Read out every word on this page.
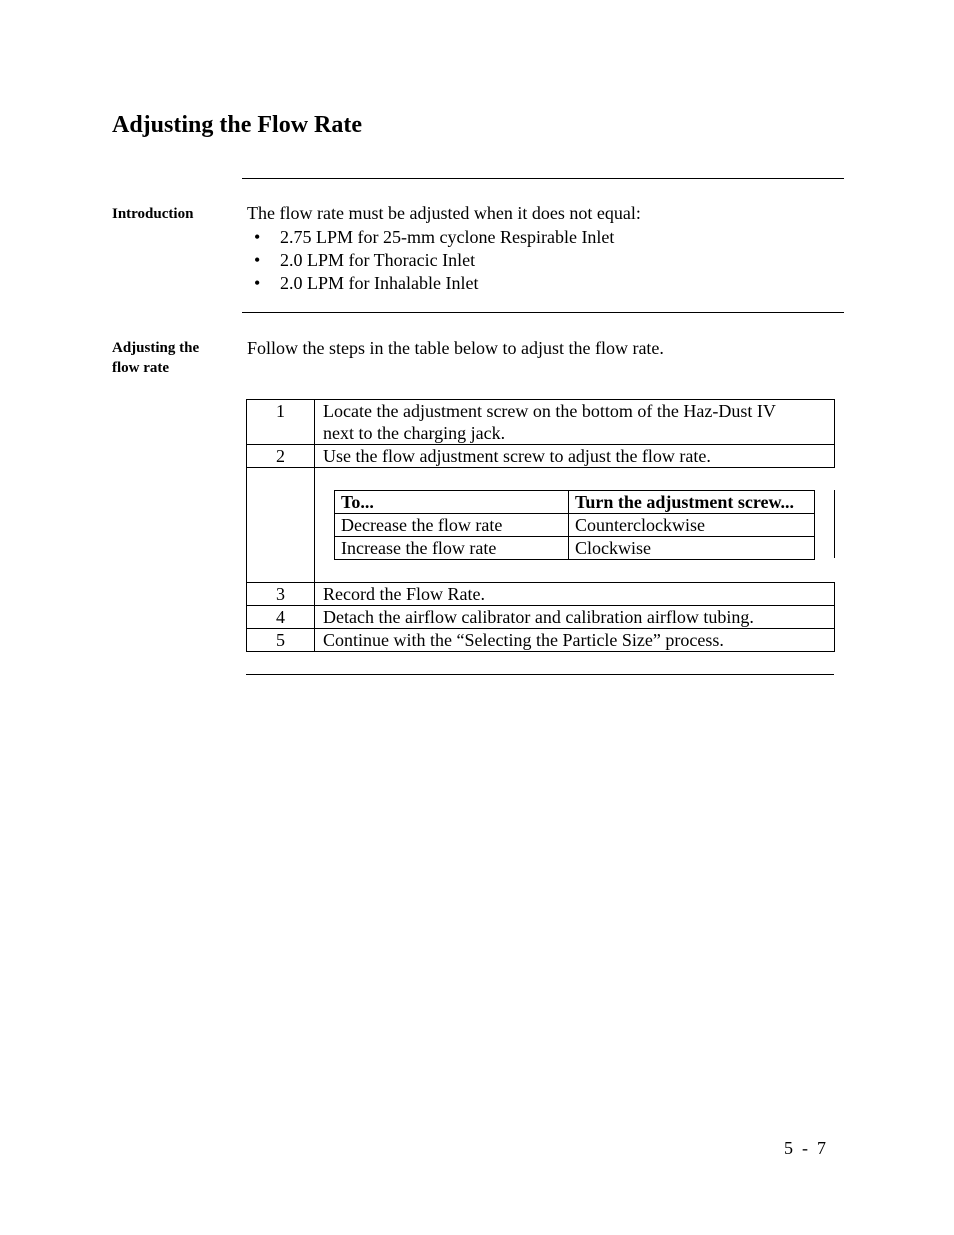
Adjusting the Flow Rate
Introduction	The flow rate must be adjusted when it does not equal:
• 2.75 LPM for 25-mm cyclone Respirable Inlet
• 2.0 LPM for Thoracic Inlet
• 2.0 LPM for Inhalable Inlet
Adjusting the
flow rate
Follow the steps in the table below to adjust the flow rate.
1	Locate the adjustment screw on the bottom of the Haz-Dust IV
next to the charging jack.

2	Use the flow adjustment screw to adjust the flow rate.

3	Record the Flow Rate.
4	Detach the airflow calibrator and calibration airflow tubing.
5	Continue with the “Selecting the Particle Size” process.
To...	Turn the adjustment screw...
Decrease the flow rate	Counterclockwise
Increase the flow rate	Clockwise
5  -  7
